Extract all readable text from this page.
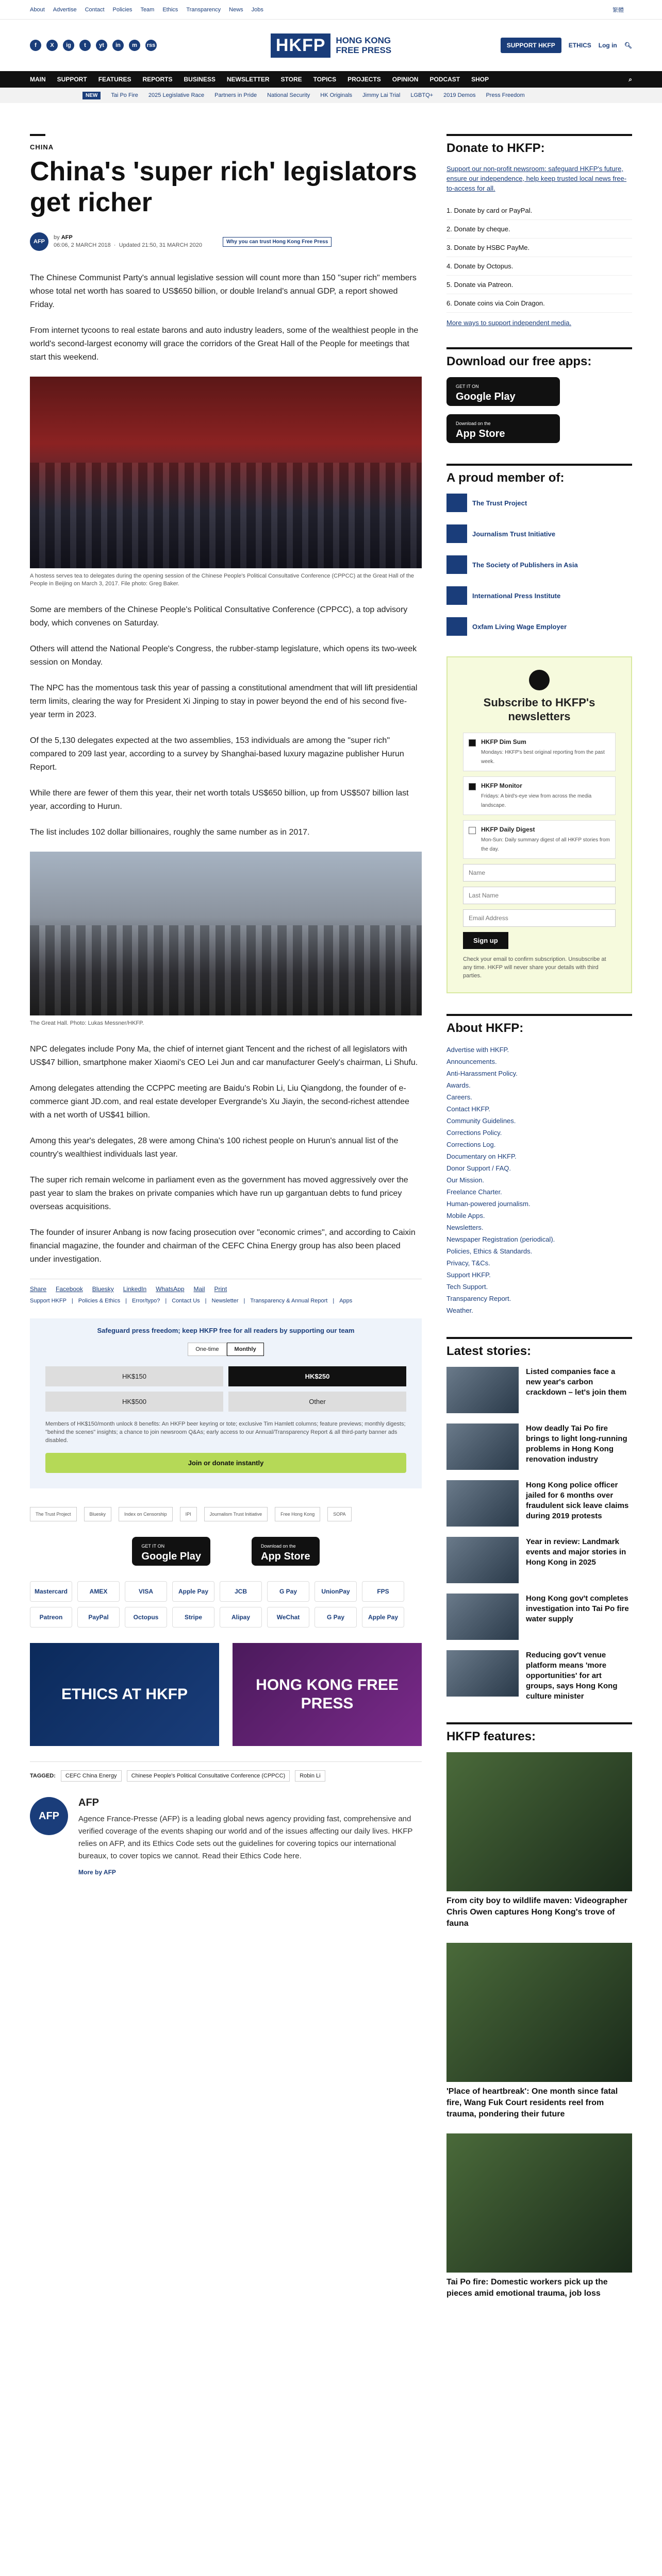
About Advertise Contact Policies Team Ethics Transparency News Jobs	繁體
f	X	ig	t	yt	in	m	rss	HKFP	HONG KONG
FREE PRESS	SUPPORT HKFP	ETHICS Log in 🔍︎
MAIN SUPPORT FEATURES REPORTS BUSINESS NEWSLETTER STORE TOPICS PROJECTS OPINION PODCAST SHOP	⌕
NEW	Tai Po Fire 2025 Legislative Race Partners in Pride National Security HK Originals Jimmy Lai Trial LGBTQ+ 2019 Demos Press Freedom
CHINA
China's 'super rich' legislators get richer
AFP
by AFP
06:06, 2 MARCH 2018  ·  Updated 21:50, 31 MARCH 2020
Why you can trust Hong Kong Free Press

The Chinese Communist Party's annual legislative session will count more than 150 "super rich" members whose total net worth has soared to US$650 billion, or double Ireland's annual GDP, a report showed Friday.

From internet tycoons to real estate barons and auto industry leaders, some of the wealthiest people in the world's second-largest economy will grace the corridors of the Great Hall of the People for meetings that start this weekend.

A hostess serves tea to delegates during the opening session of the Chinese People's Political Consultative Conference (CPPCC) at the Great Hall of the People in Beijing on March 3, 2017. File photo: Greg Baker.

Some are members of the Chinese People's Political Consultative Conference (CPPCC), a top advisory body, which convenes on Saturday.

Others will attend the National People's Congress, the rubber-stamp legislature, which opens its two-week session on Monday.

The NPC has the momentous task this year of passing a constitutional amendment that will lift presidential term limits, clearing the way for President Xi Jinping to stay in power beyond the end of his second five-year term in 2023.

Of the 5,130 delegates expected at the two assemblies, 153 individuals are among the "super rich" compared to 209 last year, according to a survey by Shanghai-based luxury magazine publisher Hurun Report.

While there are fewer of them this year, their net worth totals US$650 billion, up from US$507 billion last year, according to Hurun.

The list includes 102 dollar billionaires, roughly the same number as in 2017.

The Great Hall. Photo: Lukas Messner/HKFP.

NPC delegates include Pony Ma, the chief of internet giant Tencent and the richest of all legislators with US$47 billion, smartphone maker Xiaomi's CEO Lei Jun and car manufacturer Geely's chairman, Li Shufu.

Among delegates attending the CCPPC meeting are Baidu's Robin Li, Liu Qiangdong, the founder of e-commerce giant JD.com, and real estate developer Evergrande's Xu Jiayin, the second-richest attendee with a net worth of US$41 billion.

Among this year's delegates, 28 were among China's 100 richest people on Hurun's annual list of the country's wealthiest individuals last year.

The super rich remain welcome in parliament even as the government has moved aggressively over the past year to slam the brakes on private companies which have run up gargantuan debts to fund pricey overseas acquisitions.

The founder of insurer Anbang is now facing prosecution over "economic crimes", and according to Caixin financial magazine, the founder and chairman of the CEFC China Energy group has also been placed under investigation.

Share Facebook Bluesky LinkedIn WhatsApp Mail Print
Support HKFP | Policies & Ethics | Error/typo? | Contact Us | Newsletter | Transparency & Annual Report | Apps
Safeguard press freedom; keep HKFP free for all readers by supporting our team
One-time	Monthly
HK$150	HK$250
HK$500	Other
Members of HK$150/month unlock 8 benefits: An HKFP beer keyring or tote; exclusive Tim Hamlett columns; feature previews; monthly digests; "behind the scenes" insights; a chance to join newsroom Q&As; early access to our Annual/Transparency Report & all third-party banner ads disabled.
Join or donate instantly
The Trust Project	Bluesky	Index on Censorship	IPI	Journalism Trust Initiative	Free Hong Kong	SOPA
GET IT ON
Google Play
Download on the
App Store
Mastercard	AMEX	VISA	Apple Pay	JCB	G Pay	UnionPay	FPS
Patreon	PayPal	Octopus	Stripe	Alipay	WeChat	G Pay	Apple Pay
ETHICS AT HKFP
HONG KONG FREE PRESS
TAGGED:	CEFC China Energy	Chinese People's Political Consultative Conference (CPPCC)	Robin Li
AFP
AFP

Agence France-Presse (AFP) is a leading global news agency providing fast, comprehensive and verified coverage of the events shaping our world and of the issues affecting our daily lives. HKFP relies on AFP, and its Ethics Code sets out the guidelines for covering topics our international bureaux, to cover topics we cannot. Read their Ethics Code here.

More by AFP
Donate to HKFP:
Support our non-profit newsroom: safeguard HKFP's future, ensure our independence, help keep trusted local news free-to-access for all.
1. Donate by card or PayPal.
2. Donate by cheque.
3. Donate by HSBC PayMe.
4. Donate by Octopus.
5. Donate via Patreon.
6. Donate coins via Coin Dragon.
More ways to support independent media.
Download our free apps:
GET IT ON
Google Play
Download on the
App Store
A proud member of:
The Trust Project
Journalism Trust Initiative
The Society of Publishers in Asia
International Press Institute
Oxfam Living Wage Employer
Subscribe to HKFP's newsletters
HKFP Dim Sum
Mondays: HKFP's best original reporting from the past week.
HKFP Monitor
Fridays: A bird's-eye view from across the media landscape.
HKFP Daily Digest
Mon-Sun: Daily summary digest of all HKFP stories from the day.
Name Last Name Email Address Sign up
Check your email to confirm subscription. Unsubscribe at any time. HKFP will never share your details with third parties.
About HKFP:
Advertise with HKFP.
Announcements.
Anti-Harassment Policy.
Awards.
Careers.
Contact HKFP.
Community Guidelines.
Corrections Policy.
Corrections Log.
Documentary on HKFP.
Donor Support / FAQ.
Our Mission.
Freelance Charter.
Human-powered journalism.
Mobile Apps.
Newsletters.
Newspaper Registration (periodical).
Policies, Ethics & Standards.
Privacy, T&Cs.
Support HKFP.
Tech Support.
Transparency Report.
Weather.
Latest stories:
Listed companies face a new year's carbon crackdown – let's join them
How deadly Tai Po fire brings to light long-running problems in Hong Kong renovation industry
Hong Kong police officer jailed for 6 months over fraudulent sick leave claims during 2019 protests
Year in review: Landmark events and major stories in Hong Kong in 2025
Hong Kong gov't completes investigation into Tai Po fire water supply
Reducing gov't venue platform means 'more opportunities' for art groups, says Hong Kong culture minister
HKFP features:
From city boy to wildlife maven: Videographer Chris Owen captures Hong Kong's trove of fauna
'Place of heartbreak': One month since fatal fire, Wang Fuk Court residents reel from trauma, pondering their future
Tai Po fire: Domestic workers pick up the pieces amid emotional trauma, job loss
